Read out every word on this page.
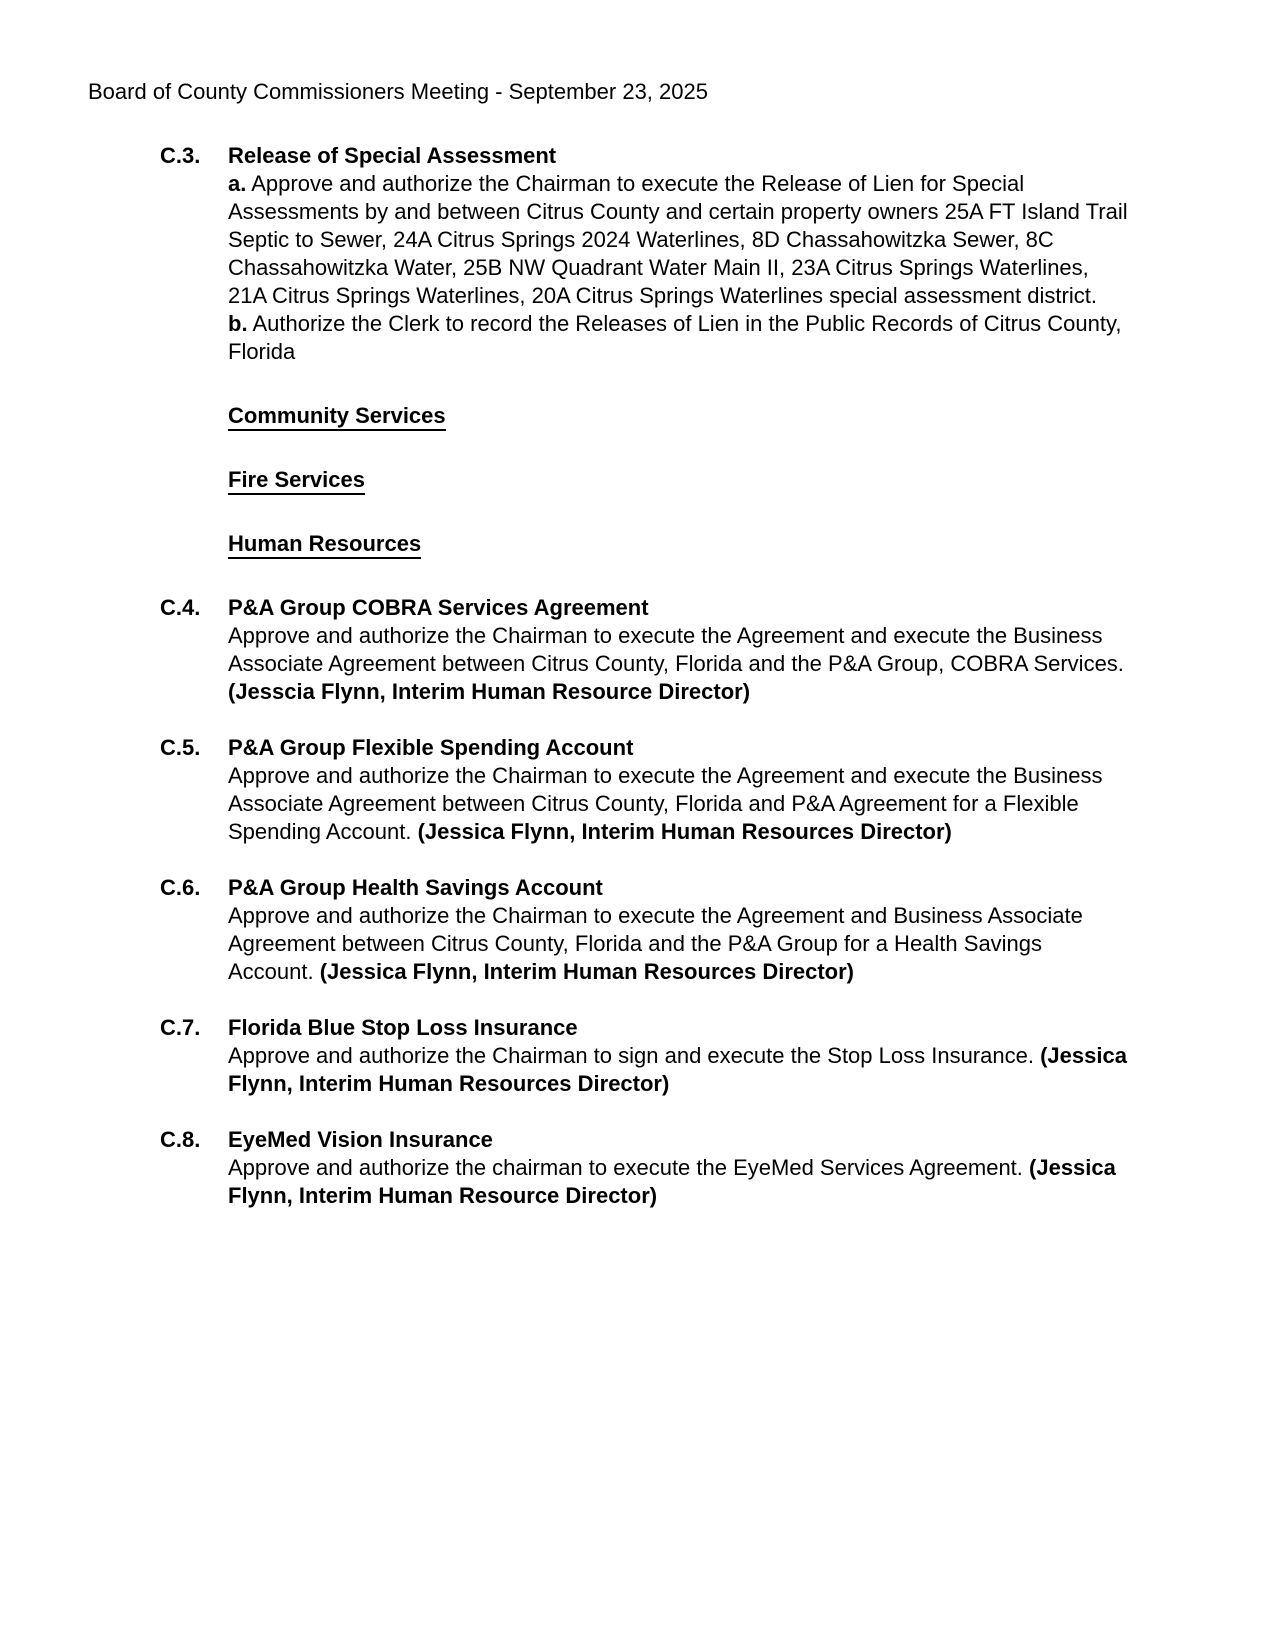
Board of County Commissioners Meeting - September 23, 2025
C.3.	Release of Special Assessment
a. Approve and authorize the Chairman to execute the Release of Lien for Special Assessments by and between Citrus County and certain property owners 25A FT Island Trail Septic to Sewer, 24A Citrus Springs 2024 Waterlines, 8D Chassahowitzka Sewer, 8C Chassahowitzka Water, 25B NW Quadrant Water Main II, 23A Citrus Springs Waterlines, 21A Citrus Springs Waterlines, 20A Citrus Springs Waterlines special assessment district.
b. Authorize the Clerk to record the Releases of Lien in the Public Records of Citrus County, Florida
Community Services
Fire Services
Human Resources
C.4.	P&A Group COBRA Services Agreement
Approve and authorize the Chairman to execute the Agreement and execute the Business Associate Agreement between Citrus County, Florida and the P&A Group, COBRA Services. (Jesscia Flynn, Interim Human Resource Director)
C.5.	P&A Group Flexible Spending Account
Approve and authorize the Chairman to execute the Agreement and execute the Business Associate Agreement between Citrus County, Florida and P&A Agreement for a Flexible Spending Account. (Jessica Flynn, Interim Human Resources Director)
C.6.	P&A Group Health Savings Account
Approve and authorize the Chairman to execute the Agreement and Business Associate Agreement between Citrus County, Florida and the P&A Group for a Health Savings Account. (Jessica Flynn, Interim Human Resources Director)
C.7.	Florida Blue Stop Loss Insurance
Approve and authorize the Chairman to sign and execute the Stop Loss Insurance. (Jessica Flynn, Interim Human Resources Director)
C.8.	EyeMed Vision Insurance
Approve and authorize the chairman to execute the EyeMed Services Agreement. (Jessica Flynn, Interim Human Resource Director)
